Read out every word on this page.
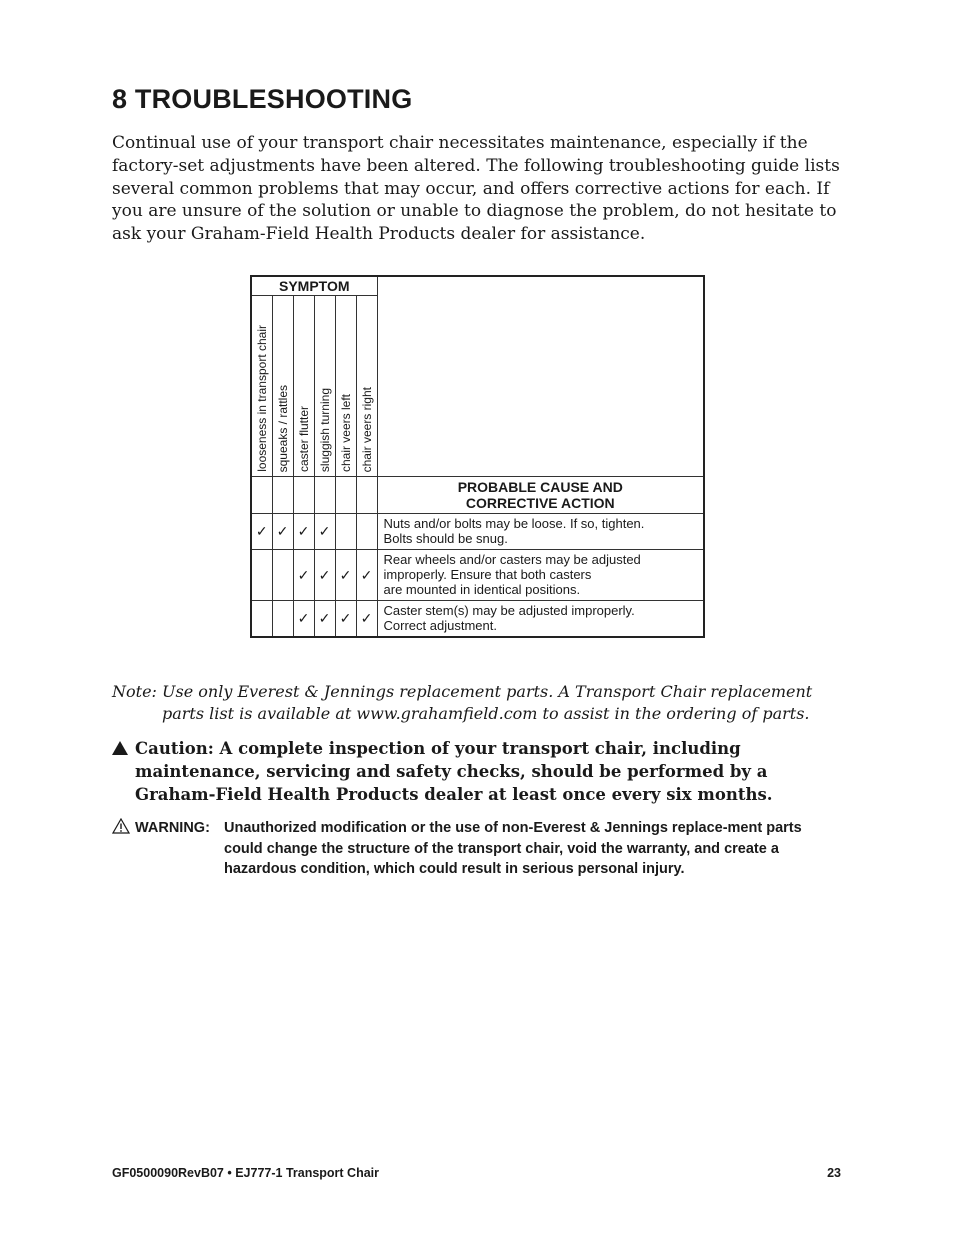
8 TROUBLESHOOTING
Continual use of your transport chair necessitates maintenance, especially if the factory-set adjustments have been altered. The following troubleshooting guide lists several common problems that may occur, and offers corrective actions for each. If you are unsure of the solution or unable to diagnose the problem, do not hesitate to ask your Graham-Field Health Products dealer for assistance.
SYMPTOM						

looseness in transport chair	squeaks / rattles	caster flutter	sluggish turning	chair veers left	chair veers right	

						PROBABLE CAUSE AND
CORRECTIVE ACTION
✓	✓	✓	✓			Nuts and/or bolts may be loose. If so, tighten.
Bolts should be snug.
		✓	✓	✓	✓	Rear wheels and/or casters may be adjusted
improperly. Ensure that both casters
are mounted in identical positions.
		✓	✓	✓	✓	Caster stem(s) may be adjusted improperly.
Correct adjustment.
Note: Use only Everest & Jennings replacement parts. A Transport Chair replacement
parts list is available at www.grahamfield.com to assist in the ordering of parts.
Caution: A complete inspection of your transport chair, including maintenance, servicing and safety checks, should be performed by a Graham-Field Health Products dealer at least once every six months.
WARNING: Unauthorized modification or the use of non-Everest & Jennings replace-ment parts could change the structure of the transport chair, void the warranty, and create a hazardous condition, which could result in serious personal injury.
GF0500090RevB07 • EJ777-1 Transport Chair	23
